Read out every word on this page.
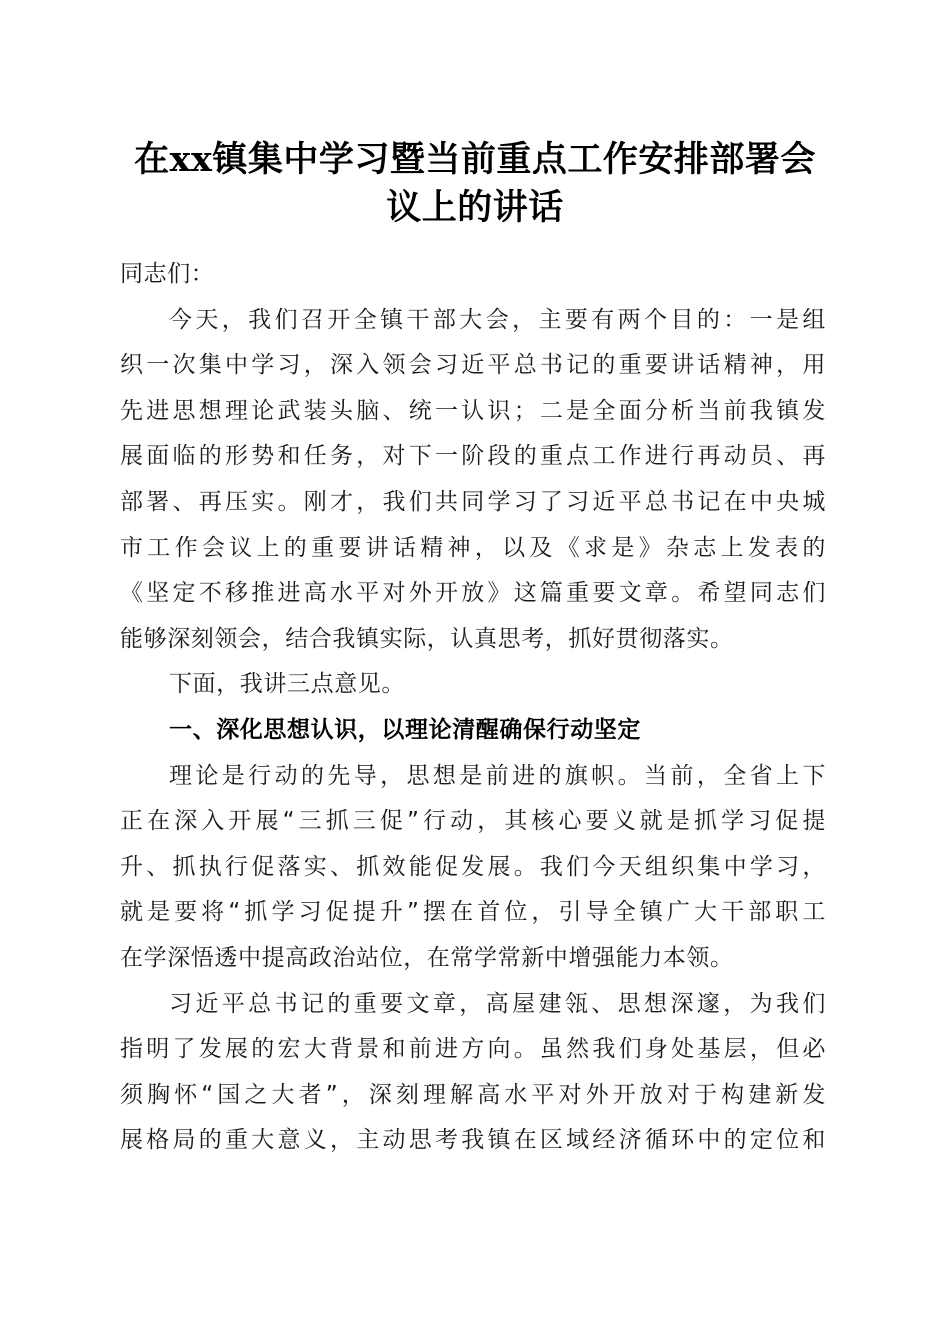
在xx镇集中学习暨当前重点工作安排部署会
议上的讲话

同志们：

今天，我们召开全镇干部大会，主要有两个目的：一是组
织一次集中学习，深入领会习近平总书记的重要讲话精神，用
先进思想理论武装头脑、统一认识；二是全面分析当前我镇发
展面临的形势和任务，对下一阶段的重点工作进行再动员、再
部署、再压实。刚才，我们共同学习了习近平总书记在中央城
市工作会议上的重要讲话精神，以及《求是》杂志上发表的
《坚定不移推进高水平对外开放》这篇重要文章。希望同志们
能够深刻领会，结合我镇实际，认真思考，抓好贯彻落实。

下面，我讲三点意见。

一、深化思想认识，以理论清醒确保行动坚定

理论是行动的先导，思想是前进的旗帜。当前，全省上下
正在深入开展“三抓三促”行动，其核心要义就是抓学习促提
升、抓执行促落实、抓效能促发展。我们今天组织集中学习，
就是要将“抓学习促提升”摆在首位，引导全镇广大干部职工
在学深悟透中提高政治站位，在常学常新中增强能力本领。

习近平总书记的重要文章，高屋建瓴、思想深邃，为我们
指明了发展的宏大背景和前进方向。虽然我们身处基层，但必
须胸怀“国之大者”，深刻理解高水平对外开放对于构建新发
展格局的重大意义，主动思考我镇在区域经济循环中的定位和
